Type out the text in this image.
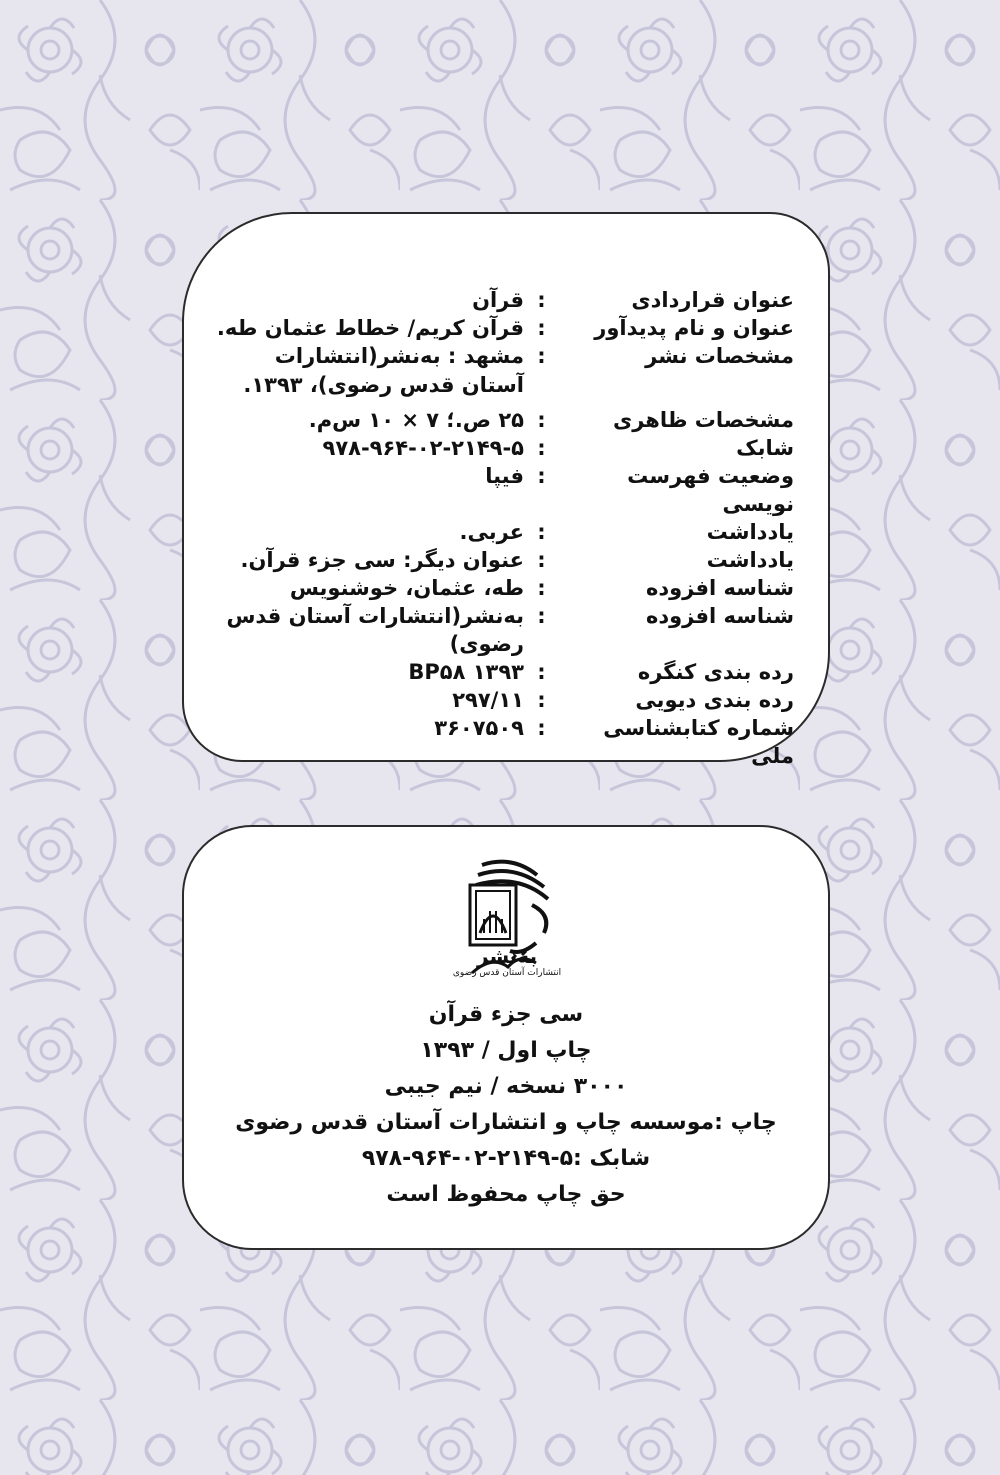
عنوان قراردادی
:
قرآن
عنوان و نام پدیدآور
:
قرآن کریم/ خطاط عثمان طه.
مشخصات نشر
:
مشهد : به‌نشر(انتشارات آستان قدس رضوی)، ۱۳۹۳.
مشخصات ظاهری
:
۲۵ ص.؛ ۷ × ۱۰ س‌م.
شابک
:
۹۷۸-۹۶۴-۰۲-۲۱۴۹-۵
وضعیت فهرست نویسی
:
فیپا
یادداشت
:
عربی.
یادداشت
:
عنوان دیگر: سی جزء قرآن.
شناسه افزوده
:
طه، عثمان، خوشنویس
شناسه افزوده
:
به‌نشر(انتشارات آستان قدس رضوی)
رده بندی کنگره
:
BP۵۸ ۱۳۹۳
رده بندی دیویی
:
۲۹۷/۱۱
شماره کتابشناسی ملی
:
۳۶۰۷۵۰۹
به‌نشر
انتشارات آستان قدس رضوی
سی جزء قرآن
چاپ اول / ۱۳۹۳
۳۰۰۰ نسخه / نیم جیبی
چاپ :موسسه چاپ و انتشارات آستان قدس رضوی
شابک :۵-۲۱۴۹-۰۲-۹۶۴-۹۷۸
حق چاپ محفوظ است
